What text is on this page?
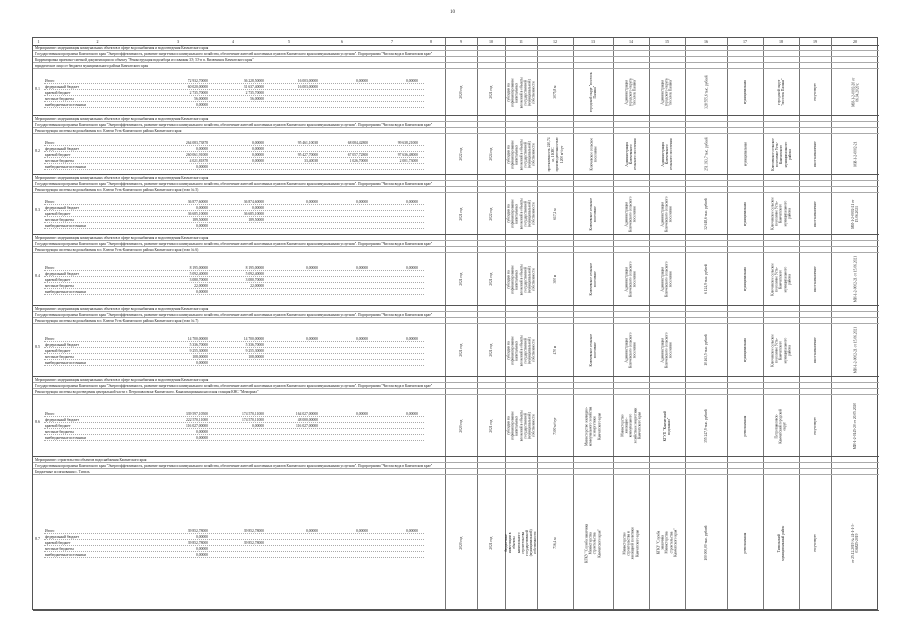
10
1	2	3	4	5	6	7	8	9	10	11	12	13	14	15	16	17	18	19	20
Мероприятие: модернизация коммунальных объектов в сфере водоснабжения и водоотведения Камчатского края
Государственная программа Камчатского края "Энергоэффективность, развитие энергетики и коммунального хозяйства, обеспечение жителей населенных пунктов Камчатского края коммунальными услугами". Подпрограмма "Чистая вода в Камчатском крае"
Корректировка проектно-сметной документации по объекту "Реконструкция водозабора из скважин 3Э, 5Э в п. Вилючинск Камчатского края"
юридическое лицо от бюджета муниципального района Камчатского края
8.1
Итого	72 932,70000	36 228,50000	16 003,00000	0,00000	0,00000
федеральный бюджет	60 020,00000	31 637,40000	16 003,00000
краевой бюджет	2 735,70000	2 735,70000
местные бюджеты	56,00000	56,00000
внебюджетные источники	0,00000
2020 год	2021 год	субсидии на софинансирование капитальных вложений в объекты государственной (муниципальной) собственности	3075,8 м	городской округ "поселок Палана"	Администрация городского округа "поселок Палана"	Администрация городского округа "поселок Палана"	328 555,6 тыс. рублей	муниципальная	городской округ "поселок Палана"	отсутствует	МИ-1-2-0002-20 от 06.04.2020 г.
Мероприятие: модернизация коммунальных объектов в сфере водоснабжения и водоотведения Камчатского края
Государственная программа Камчатского края "Энергоэффективность, развитие энергетики и коммунального хозяйства, обеспечение жителей населенных пунктов Камчатского края коммунальными услугами". Подпрограмма "Чистая вода в Камчатском крае"
Реконструкция системы водоснабжения в п. Ключи Усть-Камчатского района Камчатского края
8.2
Итого	264 083,73878	0,00000	95 461,10038	68 084,42800	99 638,21000
федеральный бюджет	0,00000	0,00000
краевой бюджет	260 061,91000	0,00000	95 427,70000	67 057,72800	97 636,48000
местные бюджеты	4 021,81878	0,00000	33,40038	1 026,70000	2 001,73000
внебюджетные источники	0,00000
2022 год	2024 год	субсидии на софинансирование капитальных вложений в объекты государственной (муниципальной) собственности	протяженность 240,74 м, 1 КНС производительностью 1200 м³/сут	Ключевское сельское поселение	Администрация Ключевского сельского поселения	Администрация Ключевского сельского поселения	251 393,7 тыс. рублей	муниципальная	Ключевское сельское поселение Усть-Камчатского муниципального района	иное назначение	МИ-1-2-0002-21
Мероприятие: модернизация коммунальных объектов в сфере водоснабжения и водоотведения Камчатского края
Государственная программа Камчатского края "Энергоэффективность, развитие энергетики и коммунального хозяйства, обеспечение жителей населенных пунктов Камчатского края коммунальными услугами". Подпрограмма "Чистая вода в Камчатском крае"
Реконструкция системы водоснабжения в п. Ключи Усть-Камчатского района Камчатского края (этап № 5)
8.3
Итого	36 877,60000	36 874,60000	0,00000	0,00000	0,00000
федеральный бюджет	0,00000	0,00000
краевой бюджет	36 685,10000	36 685,10000
местные бюджеты	189,50000	189,50000
внебюджетные источники	0,00000
2021 год	2022 год	субсидии на софинансирование капитальных вложений в объекты государственной (муниципальной) собственности	617,2 м	Ключевское сельское поселение	Администрация Ключевского сельского поселения	Администрация Ключевского сельского поселения	32 618,6 тыс. рублей	муниципальная	Ключевское сельское поселение Усть-Камчатского муниципального района	иное назначение	МИ-1-2-0002-21 от 15.06.2021
Мероприятие: модернизация коммунальных объектов в сфере водоснабжения и водоотведения Камчатского края
Государственная программа Камчатского края "Энергоэффективность, развитие энергетики и коммунального хозяйства, обеспечение жителей населенных пунктов Камчатского края коммунальными услугами". Подпрограмма "Чистая вода в Камчатском крае"
Реконструкция системы водоснабжения в п. Ключи Усть-Камчатского района Камчатского края (этап № 6)
8.4
Итого	8 195,00000	8 195,00000	0,00000	0,00000	0,00000
федеральный бюджет	5 092,40000	5 092,40000
краевой бюджет	3 080,70000	3 080,70000
местные бюджеты	22,00000	22,00000
внебюджетные источники	0,00000
2021 год	2021 год	субсидии на софинансирование капитальных вложений в объекты государственной (муниципальной) собственности	300 м	Ключевское сельское поселение	Администрация Ключевского сельского поселения	Администрация Ключевского сельского поселения	6 124,9 тыс. рублей	муниципальная	Ключевское сельское поселение Усть-Камчатского муниципального района	иное назначение	МИ-1-2-0002-21 от 15.06.2021
Мероприятие: модернизация коммунальных объектов в сфере водоснабжения и водоотведения Камчатского края
Государственная программа Камчатского края "Энергоэффективность, развитие энергетики и коммунального хозяйства, обеспечение жителей населенных пунктов Камчатского края коммунальными услугами". Подпрограмма "Чистая вода в Камчатском крае"
Реконструкция системы водоснабжения в п. Ключи Усть-Камчатского района Камчатского края (этап № 7)
8.5
Итого	14 700,00000	14 700,00000	0,00000	0,00000	0,00000
федеральный бюджет	5 336,70000	5 336,70000
краевой бюджет	9 255,30000	9 255,30000
местные бюджеты	108,00000	108,00000
внебюджетные источники	0,00000
2021 год	2021 год	субсидии на софинансирование капитальных вложений в объекты государственной (муниципальной) собственности	470 м	Ключевское сельское поселение	Администрация Ключевского сельского поселения	Администрация Ключевского сельского поселения	10 463,5 тыс. рублей	муниципальная	Ключевское сельское поселение Усть-Камчатского муниципального района	иное назначение	МИ-1-2-0002-21 от 15.06.2021
Мероприятие: модернизация коммунальных объектов в сфере водоснабжения и водоотведения Камчатского края
Государственная программа Камчатского края "Энергоэффективность, развитие энергетики и коммунального хозяйства, обеспечение жителей населенных пунктов Камчатского края коммунальными услугами". Подпрограмма "Чистая вода в Камчатском крае"
Реконструкция системы водоотведения центральной части г. Петропавловска-Камчатского. Канализационная насосная станция КНС "Мемориал"
8.6
Итого	339 597,10500	174 570,11000	164 027,00000	0,00000	0,00000
федеральный бюджет	222 570,11000	174 570,11000	48 000,00000
краевой бюджет	116 027,00000	0,00000	116 027,00000
местные бюджеты	0,00000
внебюджетные источники	0,00000
2020 год	2021 год	субсидии на софинансирование капитальных вложений в объекты государственной (муниципальной) собственности	7300 м³/сут	Министерство жилищно-коммунального хозяйства и энергетики Камчатского края	Министерство жилищно-коммунального хозяйства и энергетики Камчатского края	КГУП "Камчатский водоканал"	355 247,9 тыс. рублей	региональная	Петропавловск-Камчатский городской округ	отсутствует	МИ-1-2-0145-20 от 20.05.2020
Мероприятие: строительство объектов водоснабжения Камчатского края
Государственная программа Камчатского края "Энергоэффективность, развитие энергетики и коммунального хозяйства, обеспечение жителей населенных пунктов Камчатского края коммунальными услугами". Подпрограмма "Чистая вода в Камчатском крае"
Бюджетные ассигнования с. Тигиль
8.7
Итого	39 852,78000	39 852,78000	0,00000	0,00000	0,00000
федеральный бюджет	0,00000
краевой бюджет	39 852,78000	39 852,78000
местные бюджеты	0,00000
внебюджетные источники	0,00000
2020 год	2021 год	бюджетные инвестиции в объекты капитального строительства государственной (муниципальной) собственности	736,4 м	КГКУ "Служба заказчика Министерства строительства Камчатского края"	Министерство строительства и жилищной политики Камчатского края	КГКУ "Служба заказчика Министерства строительства Камчатского края"	100 000,00 тыс. рублей	региональная	Тигильский муниципальный район	отсутствует	от 25.12.2019 № 41-1-1-3-036825-2019
